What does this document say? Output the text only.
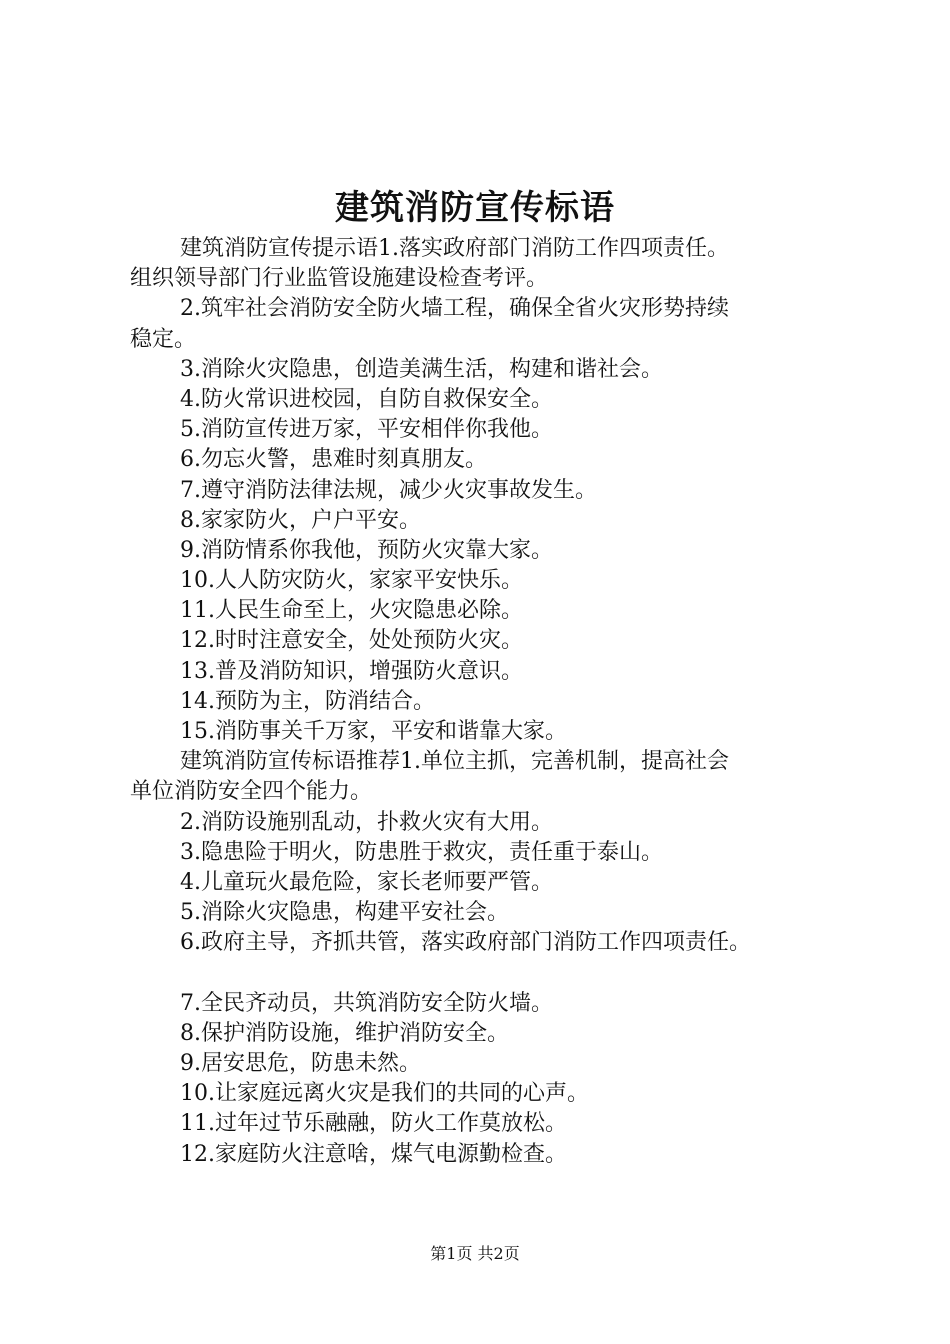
建筑消防宣传标语
建筑消防宣传提示语1.落实政府部门消防工作四项责任。
组织领导部门行业监管设施建设检查考评。
2.筑牢社会消防安全防火墙工程，确保全省火灾形势持续
稳定。
3.消除火灾隐患，创造美满生活，构建和谐社会。
4.防火常识进校园，自防自救保安全。
5.消防宣传进万家，平安相伴你我他。
6.勿忘火警，患难时刻真朋友。
7.遵守消防法律法规，减少火灾事故发生。
8.家家防火，户户平安。
9.消防情系你我他，预防火灾靠大家。
10.人人防灾防火，家家平安快乐。
11.人民生命至上，火灾隐患必除。
12.时时注意安全，处处预防火灾。
13.普及消防知识，增强防火意识。
14.预防为主，防消结合。
15.消防事关千万家，平安和谐靠大家。
建筑消防宣传标语推荐1.单位主抓，完善机制，提高社会
单位消防安全四个能力。
2.消防设施别乱动，扑救火灾有大用。
3.隐患险于明火，防患胜于救灾，责任重于泰山。
4.儿童玩火最危险，家长老师要严管。
5.消除火灾隐患，构建平安社会。
6.政府主导，齐抓共管，落实政府部门消防工作四项责任。
7.全民齐动员，共筑消防安全防火墙。
8.保护消防设施，维护消防安全。
9.居安思危，防患未然。
10.让家庭远离火灾是我们的共同的心声。
11.过年过节乐融融，防火工作莫放松。
12.家庭防火注意啥，煤气电源勤检查。
第1页 共2页
